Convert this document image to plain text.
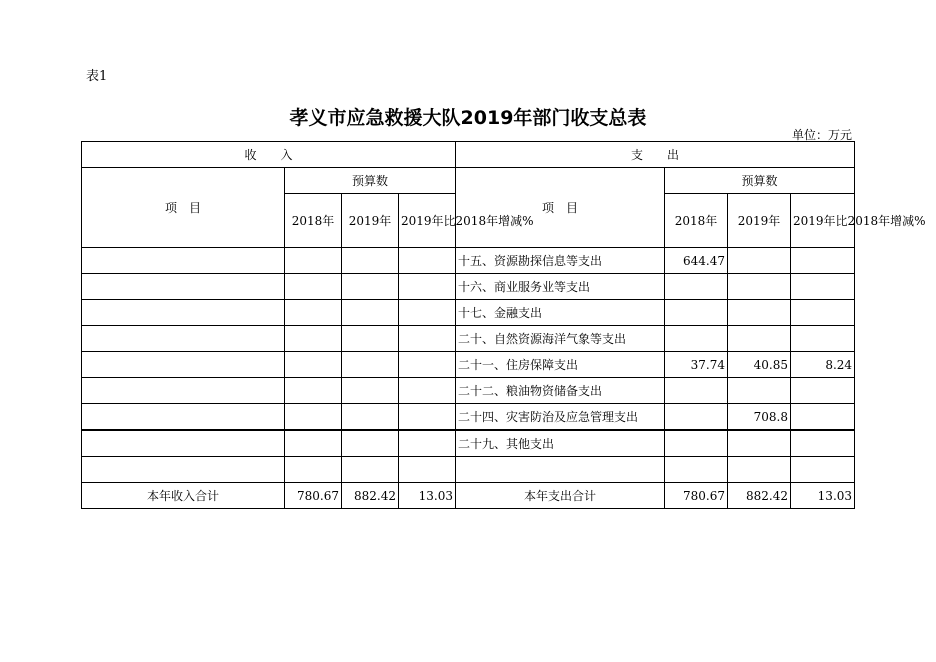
表1
孝义市应急救援大队2019年部门收支总表
单位：万元
收　　入				支　　出			
项　目	预算数			项　目	预算数		
	2018年	2019年	2019年比2018年增减%		2018年	2019年	2019年比2018年增减%
				十五、资源勘探信息等支出	644.47		
				十六、商业服务业等支出			
				十七、金融支出			
				二十、自然资源海洋气象等支出			
				二十一、住房保障支出	37.74	40.85	8.24
				二十二、粮油物资储备支出			
				二十四、灾害防治及应急管理支出		708.8	
				二十九、其他支出			

本年收入合计	780.67	882.42	13.03	本年支出合计	780.67	882.42	13.03
